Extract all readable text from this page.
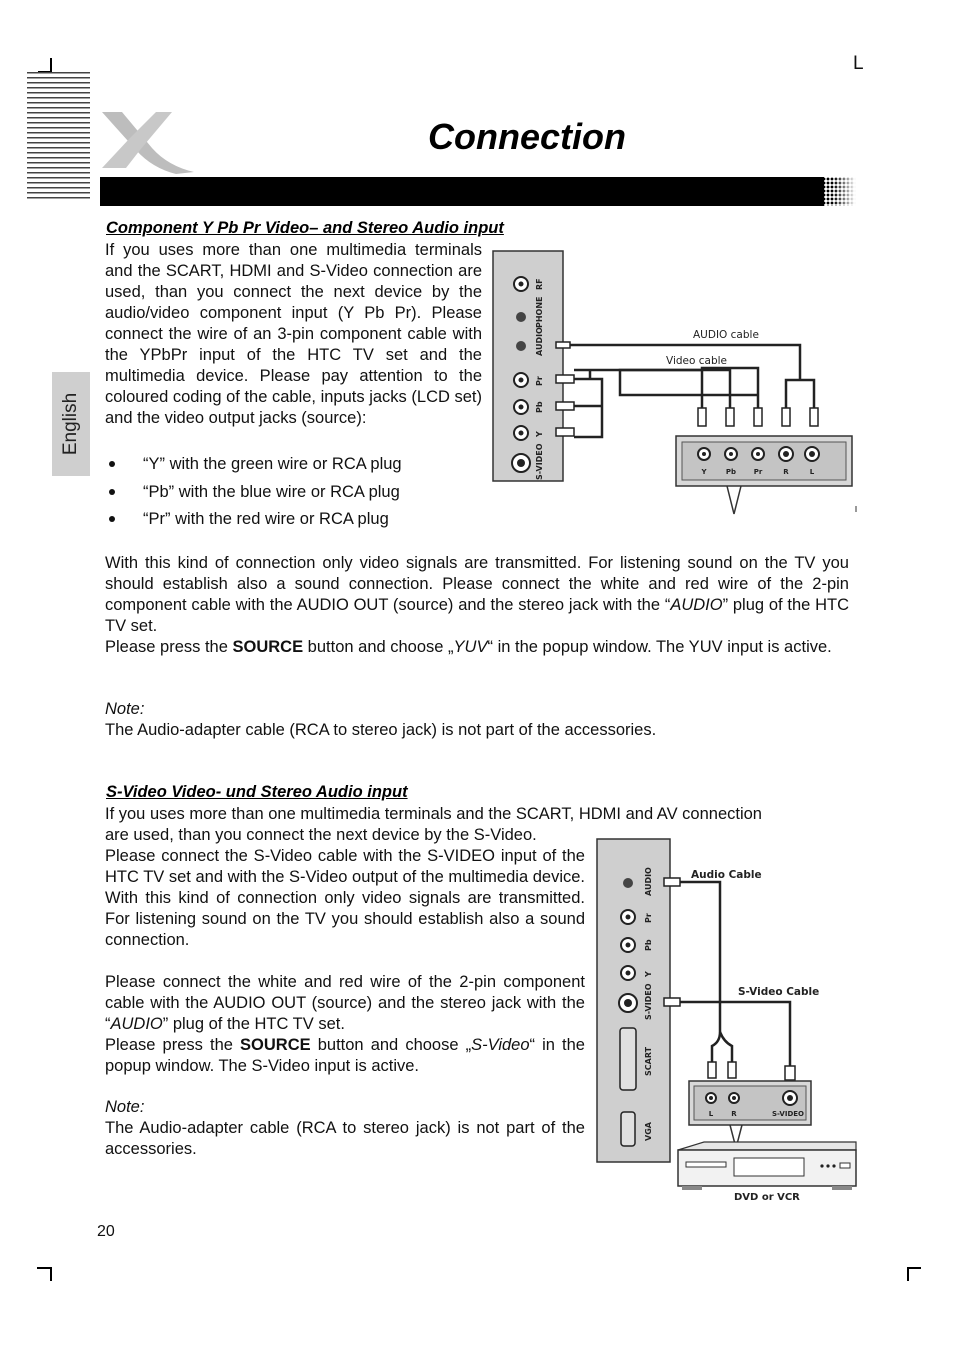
L
English
Connection
Component Y Pb Pr Video– and Stereo Audio input

If you uses more than one multimedia terminals and the SCART, HDMI and S-Video connection are used, than you connect the next device by the audio/video component input (Y Pb Pr). Please connect the wire of an 3-pin component cable with the YPbPr input of the HTC TV set and the multimedia device. Please pay attention to the coloured coding of the cable, inputs jacks (LCD set) and the video output jacks (source):

“Y” with the green wire or RCA plug
“Pb” with the blue wire or RCA plug
“Pr” with the red wire or RCA plug
RF
PHONE
AUDIO
Pr
Pb
Y
S-VIDEO
AUDIO cable
Video cable
Y	Pb	Pr	R	L

With this kind of connection only video signals are transmitted. For listening sound on the TV you should establish also a sound connection. Please connect the white and red wire of the 2-pin component cable with the AUDIO OUT (source) and the stereo jack with the “AUDIO” plug of the HTC TV set.
Please press the SOURCE button and choose „YUV“ in the popup window. The YUV input is active.

Note:

The Audio-adapter cable (RCA to stereo jack) is not part of the accessories.

S-Video Video- und Stereo Audio input

If you uses more than one multimedia terminals and the SCART, HDMI and AV connection

are used, than you connect the next device by the S-Video.

Please connect the S-Video cable with the S-VIDEO input of the HTC TV set and with the S-Video output of the multimedia device. With this kind of connection only video signals are transmitted. For listening sound on the TV you should establish also a sound connection.

Please connect the white and red wire of the 2-pin component cable with the AUDIO OUT (source) and the stereo jack with the “AUDIO” plug of the HTC TV set.
Please press the SOURCE button and choose „S-Video“ in the popup window. The S-Video input is active.

Note:

The Audio-adapter cable (RCA to stereo jack) is not part of the accessories.

AUDIO
Pr
Pb
Y
S-VIDEO
SCART
VGA
Audio Cable
S-Video Cable
L	R	S-VIDEO
DVD or VCR
20
